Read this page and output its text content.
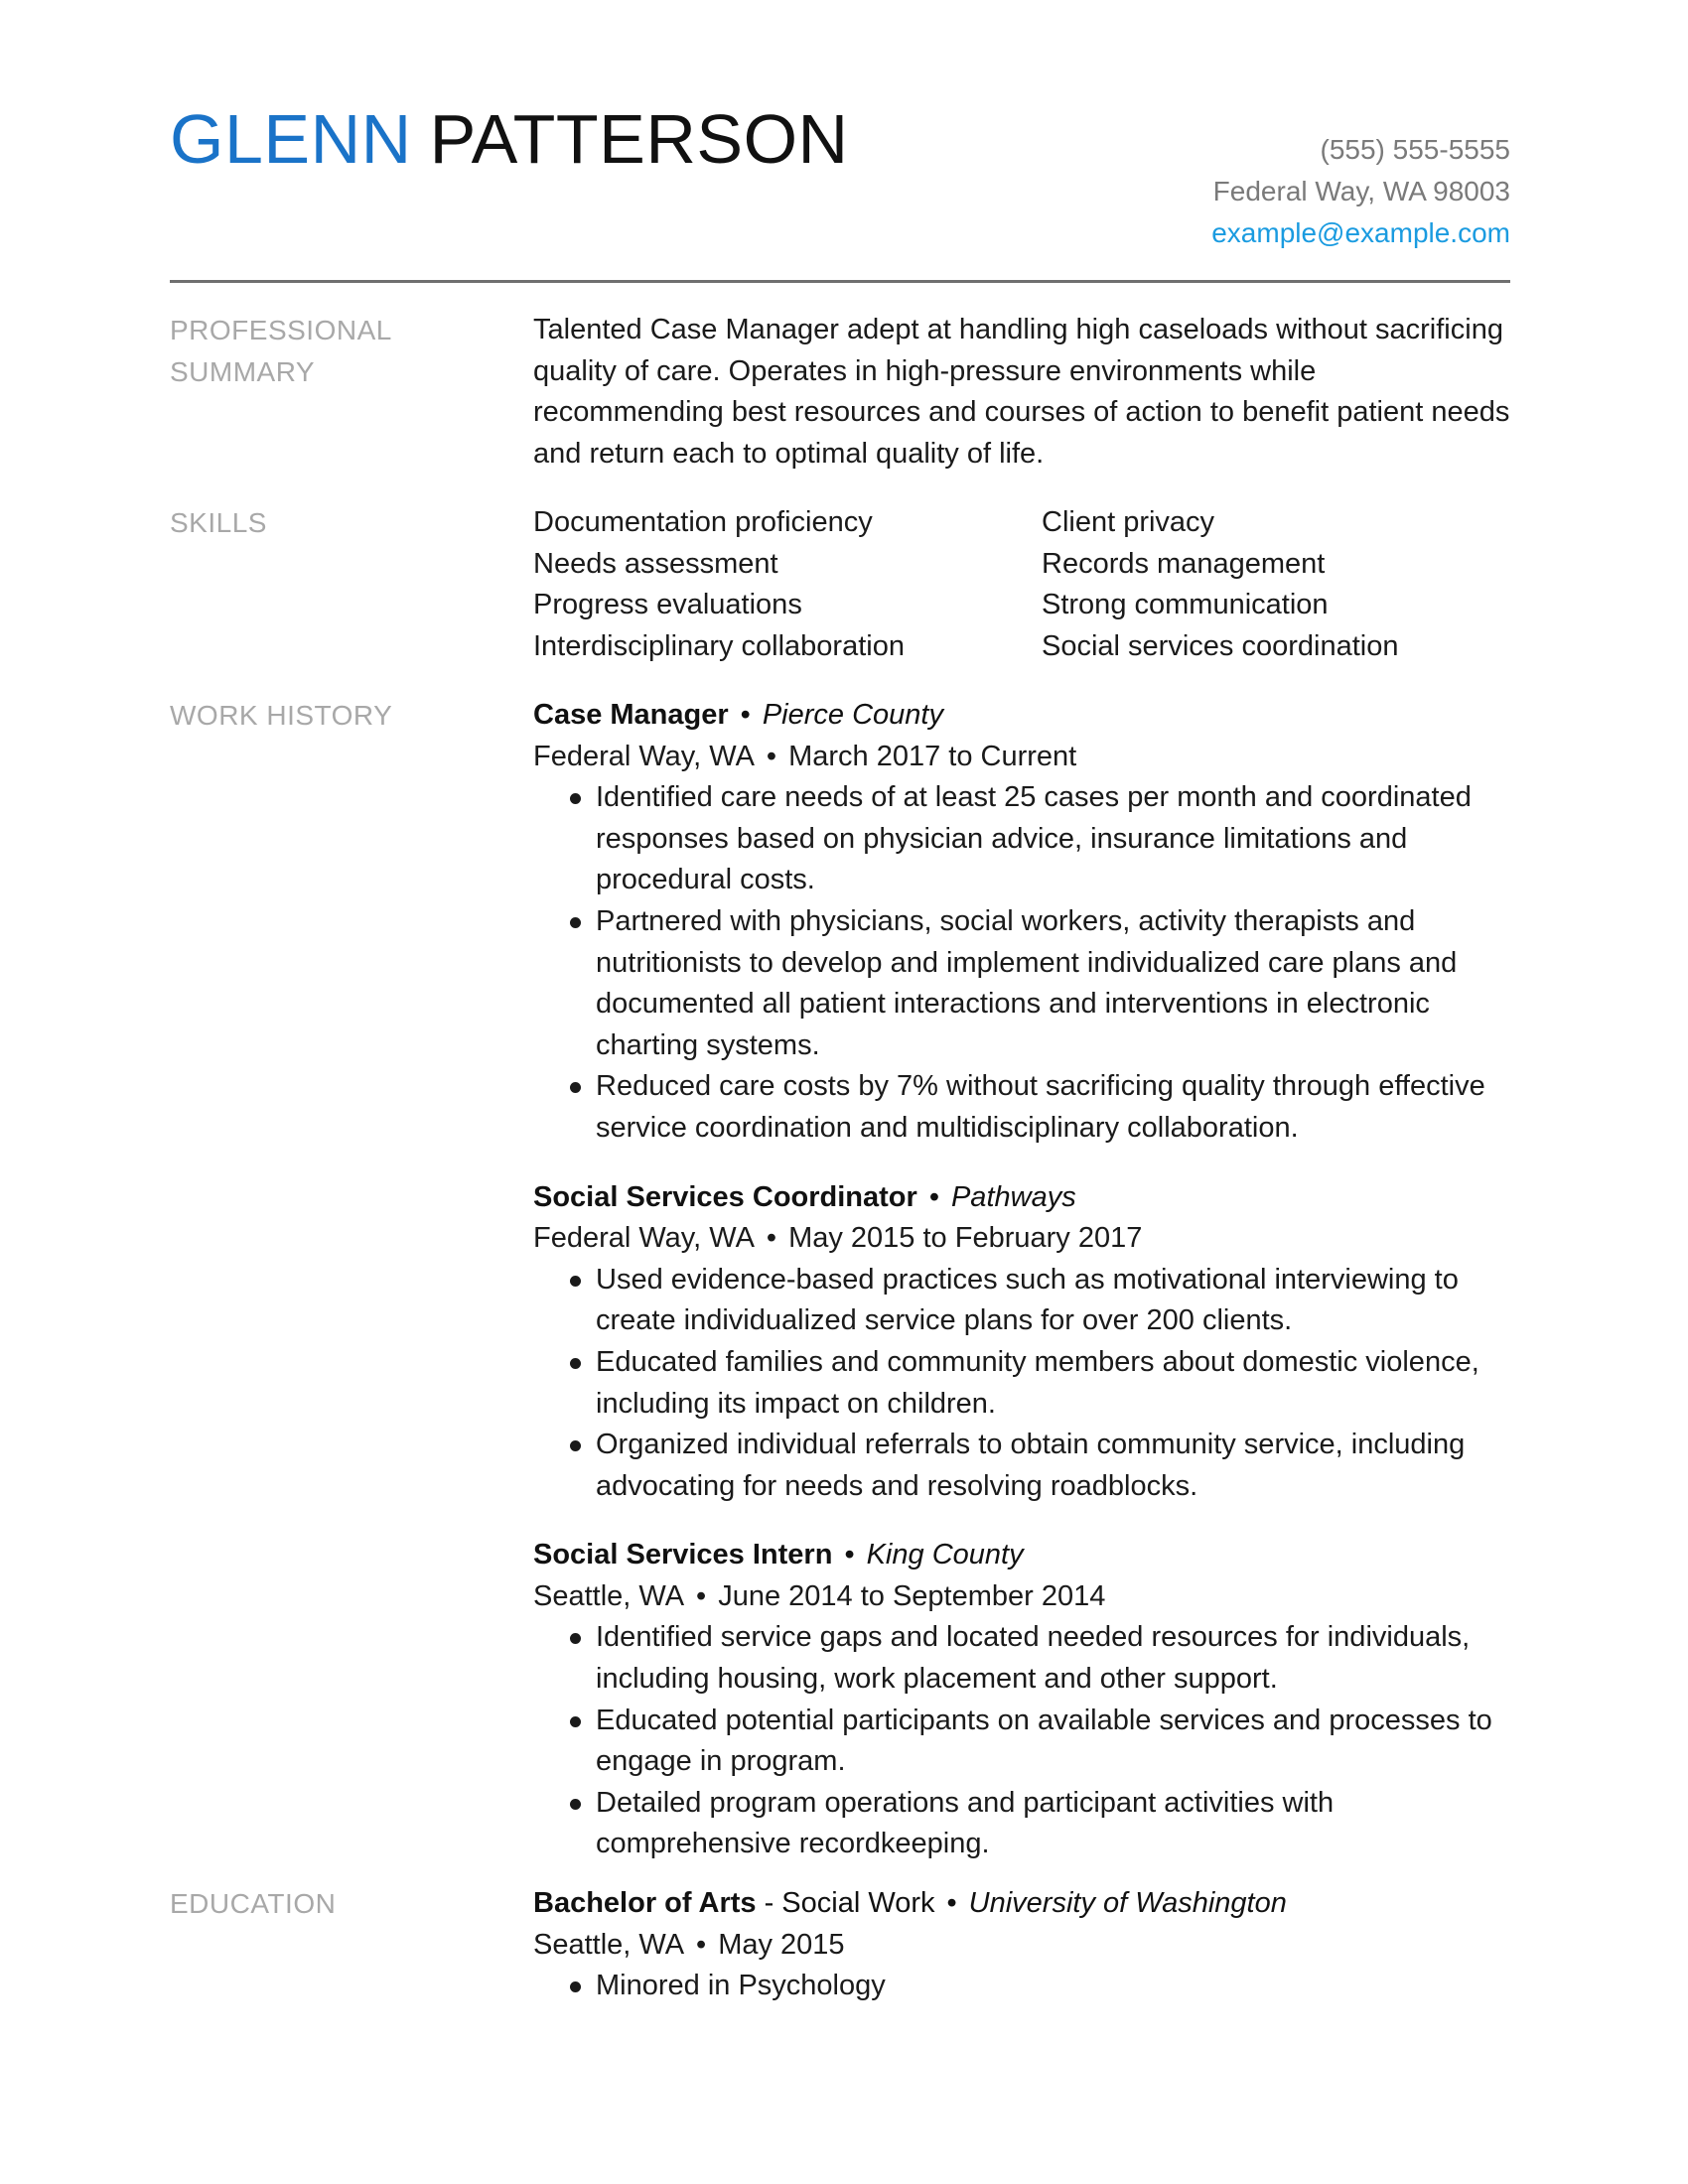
GLENN PATTERSON	(555) 555-5555
Federal Way, WA 98003
example@example.com
PROFESSIONAL
SUMMARY

Talented Case Manager adept at handling high caseloads without sacrificing quality of care. Operates in high-pressure environments while recommending best resources and courses of action to benefit patient needs and return each to optimal quality of life.

SKILLS	Documentation proficiency	Client privacy
Needs assessment	Records management
Progress evaluations	Strong communication
Interdisciplinary collaboration	Social services coordination
WORK HISTORY	Case Manager • Pierce County
Federal Way, WA • March 2017 to Current
Identified care needs of at least 25 cases per month and coordinated responses based on physician advice, insurance limitations and procedural costs.
Partnered with physicians, social workers, activity therapists and nutritionists to develop and implement individualized care plans and documented all patient interactions and interventions in electronic charting systems.
Reduced care costs by 7% without sacrificing quality through effective service coordination and multidisciplinary collaboration.
Social Services Coordinator • Pathways
Federal Way, WA • May 2015 to February 2017
Used evidence-based practices such as motivational interviewing to create individualized service plans for over 200 clients.
Educated families and community members about domestic violence, including its impact on children.
Organized individual referrals to obtain community service, including advocating for needs and resolving roadblocks.
Social Services Intern • King County
Seattle, WA • June 2014 to September 2014
Identified service gaps and located needed resources for individuals, including housing, work placement and other support.
Educated potential participants on available services and processes to engage in program.
Detailed program operations and participant activities with comprehensive recordkeeping.
EDUCATION	Bachelor of Arts - Social Work • University of Washington
Seattle, WA • May 2015
Minored in Psychology
